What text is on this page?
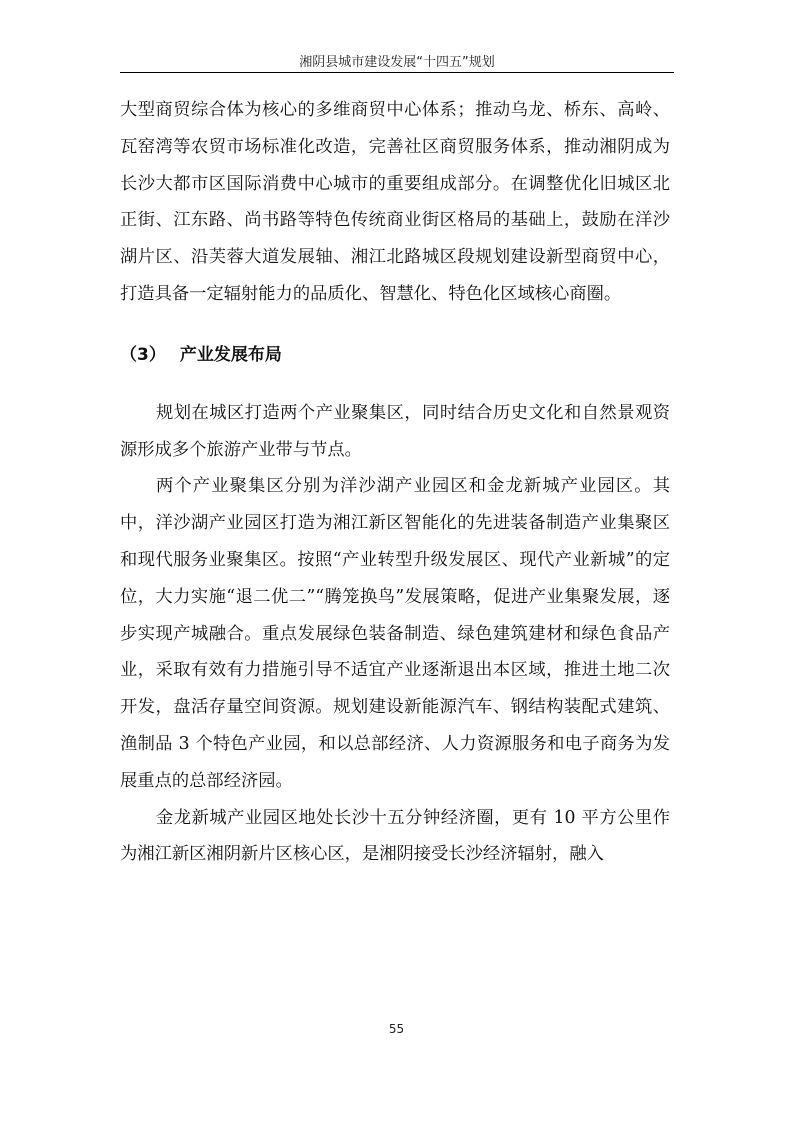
湘阴县城市建设发展“十四五”规划

大型商贸综合体为核心的多维商贸中心体系；推动乌龙、桥东、高岭、瓦窑湾等农贸市场标准化改造，完善社区商贸服务体系，推动湘阴成为长沙大都市区国际消费中心城市的重要组成部分。在调整优化旧城区北正街、江东路、尚书路等特色传统商业街区格局的基础上，鼓励在洋沙湖片区、沿芙蓉大道发展轴、湘江北路城区段规划建设新型商贸中心，打造具备一定辐射能力的品质化、智慧化、特色化区域核心商圈。

（3） 产业发展布局

规划在城区打造两个产业聚集区，同时结合历史文化和自然景观资源形成多个旅游产业带与节点。

两个产业聚集区分别为洋沙湖产业园区和金龙新城产业园区。其中，洋沙湖产业园区打造为湘江新区智能化的先进装备制造产业集聚区和现代服务业聚集区。按照“产业转型升级发展区、现代产业新城”的定位，大力实施“退二优二”“腾笼换鸟”发展策略，促进产业集聚发展，逐步实现产城融合。重点发展绿色装备制造、绿色建筑建材和绿色食品产业，采取有效有力措施引导不适宜产业逐渐退出本区域，推进土地二次开发，盘活存量空间资源。规划建设新能源汽车、钢结构装配式建筑、渔制品 3 个特色产业园，和以总部经济、人力资源服务和电子商务为发展重点的总部经济园。

金龙新城产业园区地处长沙十五分钟经济圈，更有 10 平方公里作为湘江新区湘阴新片区核心区，是湘阴接受长沙经济辐射，融入

55
